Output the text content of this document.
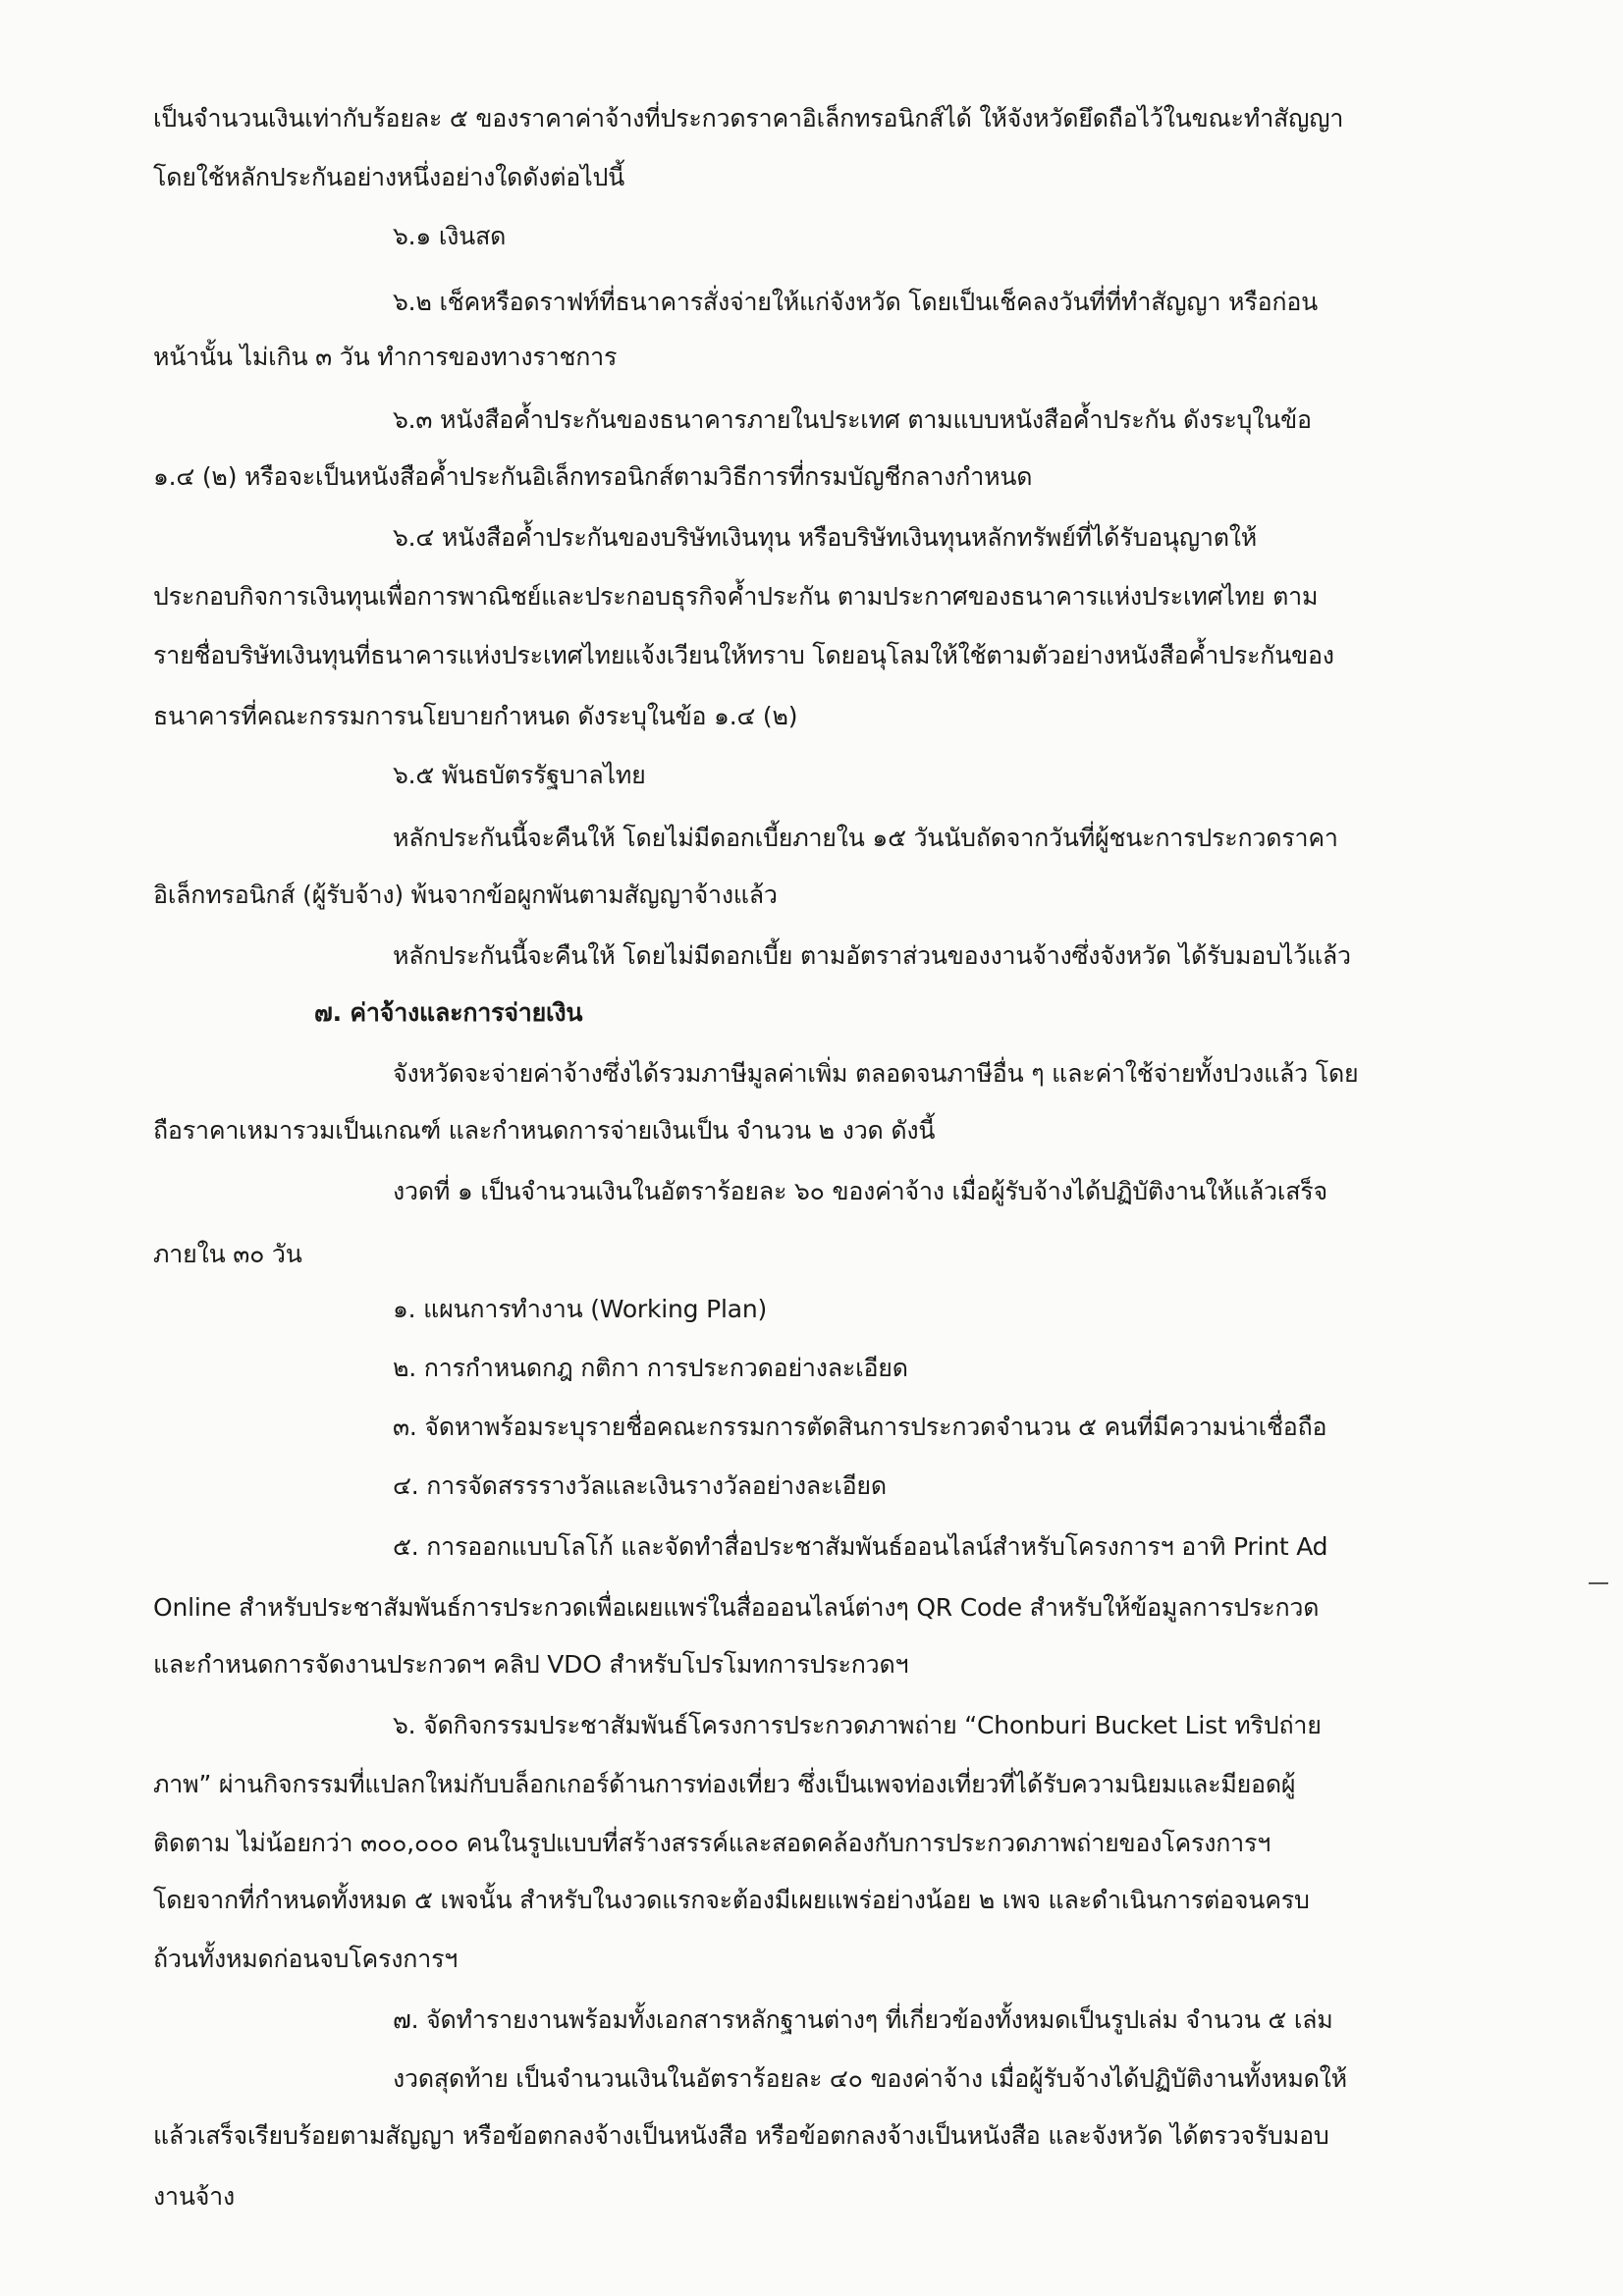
เป็นจำนวนเงินเท่ากับร้อยละ ๕ ของราคาค่าจ้างที่ประกวดราคาอิเล็กทรอนิกส์ได้ ให้จังหวัดยึดถือไว้ในขณะทำสัญญา
โดยใช้หลักประกันอย่างหนึ่งอย่างใดดังต่อไปนี้
๖.๑ เงินสด
๖.๒ เช็คหรือดราฟท์ที่ธนาคารสั่งจ่ายให้แก่จังหวัด โดยเป็นเช็คลงวันที่ที่ทำสัญญา หรือก่อน
หน้านั้น ไม่เกิน ๓ วัน ทำการของทางราชการ
๖.๓ หนังสือค้ำประกันของธนาคารภายในประเทศ ตามแบบหนังสือค้ำประกัน ดังระบุในข้อ
๑.๔ (๒) หรือจะเป็นหนังสือค้ำประกันอิเล็กทรอนิกส์ตามวิธีการที่กรมบัญชีกลางกำหนด
๖.๔ หนังสือค้ำประกันของบริษัทเงินทุน หรือบริษัทเงินทุนหลักทรัพย์ที่ได้รับอนุญาตให้
ประกอบกิจการเงินทุนเพื่อการพาณิชย์และประกอบธุรกิจค้ำประกัน ตามประกาศของธนาคารแห่งประเทศไทย ตาม
รายชื่อบริษัทเงินทุนที่ธนาคารแห่งประเทศไทยแจ้งเวียนให้ทราบ โดยอนุโลมให้ใช้ตามตัวอย่างหนังสือค้ำประกันของ
ธนาคารที่คณะกรรมการนโยบายกำหนด ดังระบุในข้อ ๑.๔ (๒)
๖.๕ พันธบัตรรัฐบาลไทย
หลักประกันนี้จะคืนให้ โดยไม่มีดอกเบี้ยภายใน ๑๕ วันนับถัดจากวันที่ผู้ชนะการประกวดราคา
อิเล็กทรอนิกส์ (ผู้รับจ้าง) พ้นจากข้อผูกพันตามสัญญาจ้างแล้ว
หลักประกันนี้จะคืนให้ โดยไม่มีดอกเบี้ย ตามอัตราส่วนของงานจ้างซึ่งจังหวัด ได้รับมอบไว้แล้ว
๗. ค่าจ้างและการจ่ายเงิน
จังหวัดจะจ่ายค่าจ้างซึ่งได้รวมภาษีมูลค่าเพิ่ม ตลอดจนภาษีอื่น ๆ และค่าใช้จ่ายทั้งปวงแล้ว โดย
ถือราคาเหมารวมเป็นเกณฑ์ และกำหนดการจ่ายเงินเป็น จำนวน ๒ งวด ดังนี้
งวดที่ ๑ เป็นจำนวนเงินในอัตราร้อยละ ๖๐ ของค่าจ้าง เมื่อผู้รับจ้างได้ปฏิบัติงานให้แล้วเสร็จ
ภายใน ๓๐ วัน
๑. แผนการทำงาน (Working Plan)
๒. การกำหนดกฎ กติกา การประกวดอย่างละเอียด
๓. จัดหาพร้อมระบุรายชื่อคณะกรรมการตัดสินการประกวดจำนวน ๕ คนที่มีความน่าเชื่อถือ
๔. การจัดสรรรางวัลและเงินรางวัลอย่างละเอียด
๕. การออกแบบโลโก้ และจัดทำสื่อประชาสัมพันธ์ออนไลน์สำหรับโครงการฯ อาทิ Print Ad
Online สำหรับประชาสัมพันธ์การประกวดเพื่อเผยแพร่ในสื่อออนไลน์ต่างๆ QR Code สำหรับให้ข้อมูลการประกวด
และกำหนดการจัดงานประกวดฯ คลิป VDO สำหรับโปรโมทการประกวดฯ
๖. จัดกิจกรรมประชาสัมพันธ์โครงการประกวดภาพถ่าย “Chonburi Bucket List ทริปถ่าย
ภาพ” ผ่านกิจกรรมที่แปลกใหม่กับบล็อกเกอร์ด้านการท่องเที่ยว ซึ่งเป็นเพจท่องเที่ยวที่ได้รับความนิยมและมียอดผู้
ติดตาม ไม่น้อยกว่า ๓๐๐,๐๐๐ คนในรูปแบบที่สร้างสรรค์และสอดคล้องกับการประกวดภาพถ่ายของโครงการฯ
โดยจากที่กำหนดทั้งหมด ๕ เพจนั้น สำหรับในงวดแรกจะต้องมีเผยแพร่อย่างน้อย ๒ เพจ และดำเนินการต่อจนครบ
ถ้วนทั้งหมดก่อนจบโครงการฯ
๗. จัดทำรายงานพร้อมทั้งเอกสารหลักฐานต่างๆ ที่เกี่ยวข้องทั้งหมดเป็นรูปเล่ม จำนวน ๕ เล่ม
งวดสุดท้าย เป็นจำนวนเงินในอัตราร้อยละ ๔๐ ของค่าจ้าง เมื่อผู้รับจ้างได้ปฏิบัติงานทั้งหมดให้
แล้วเสร็จเรียบร้อยตามสัญญา หรือข้อตกลงจ้างเป็นหนังสือ หรือข้อตกลงจ้างเป็นหนังสือ และจังหวัด ได้ตรวจรับมอบ
งานจ้าง
